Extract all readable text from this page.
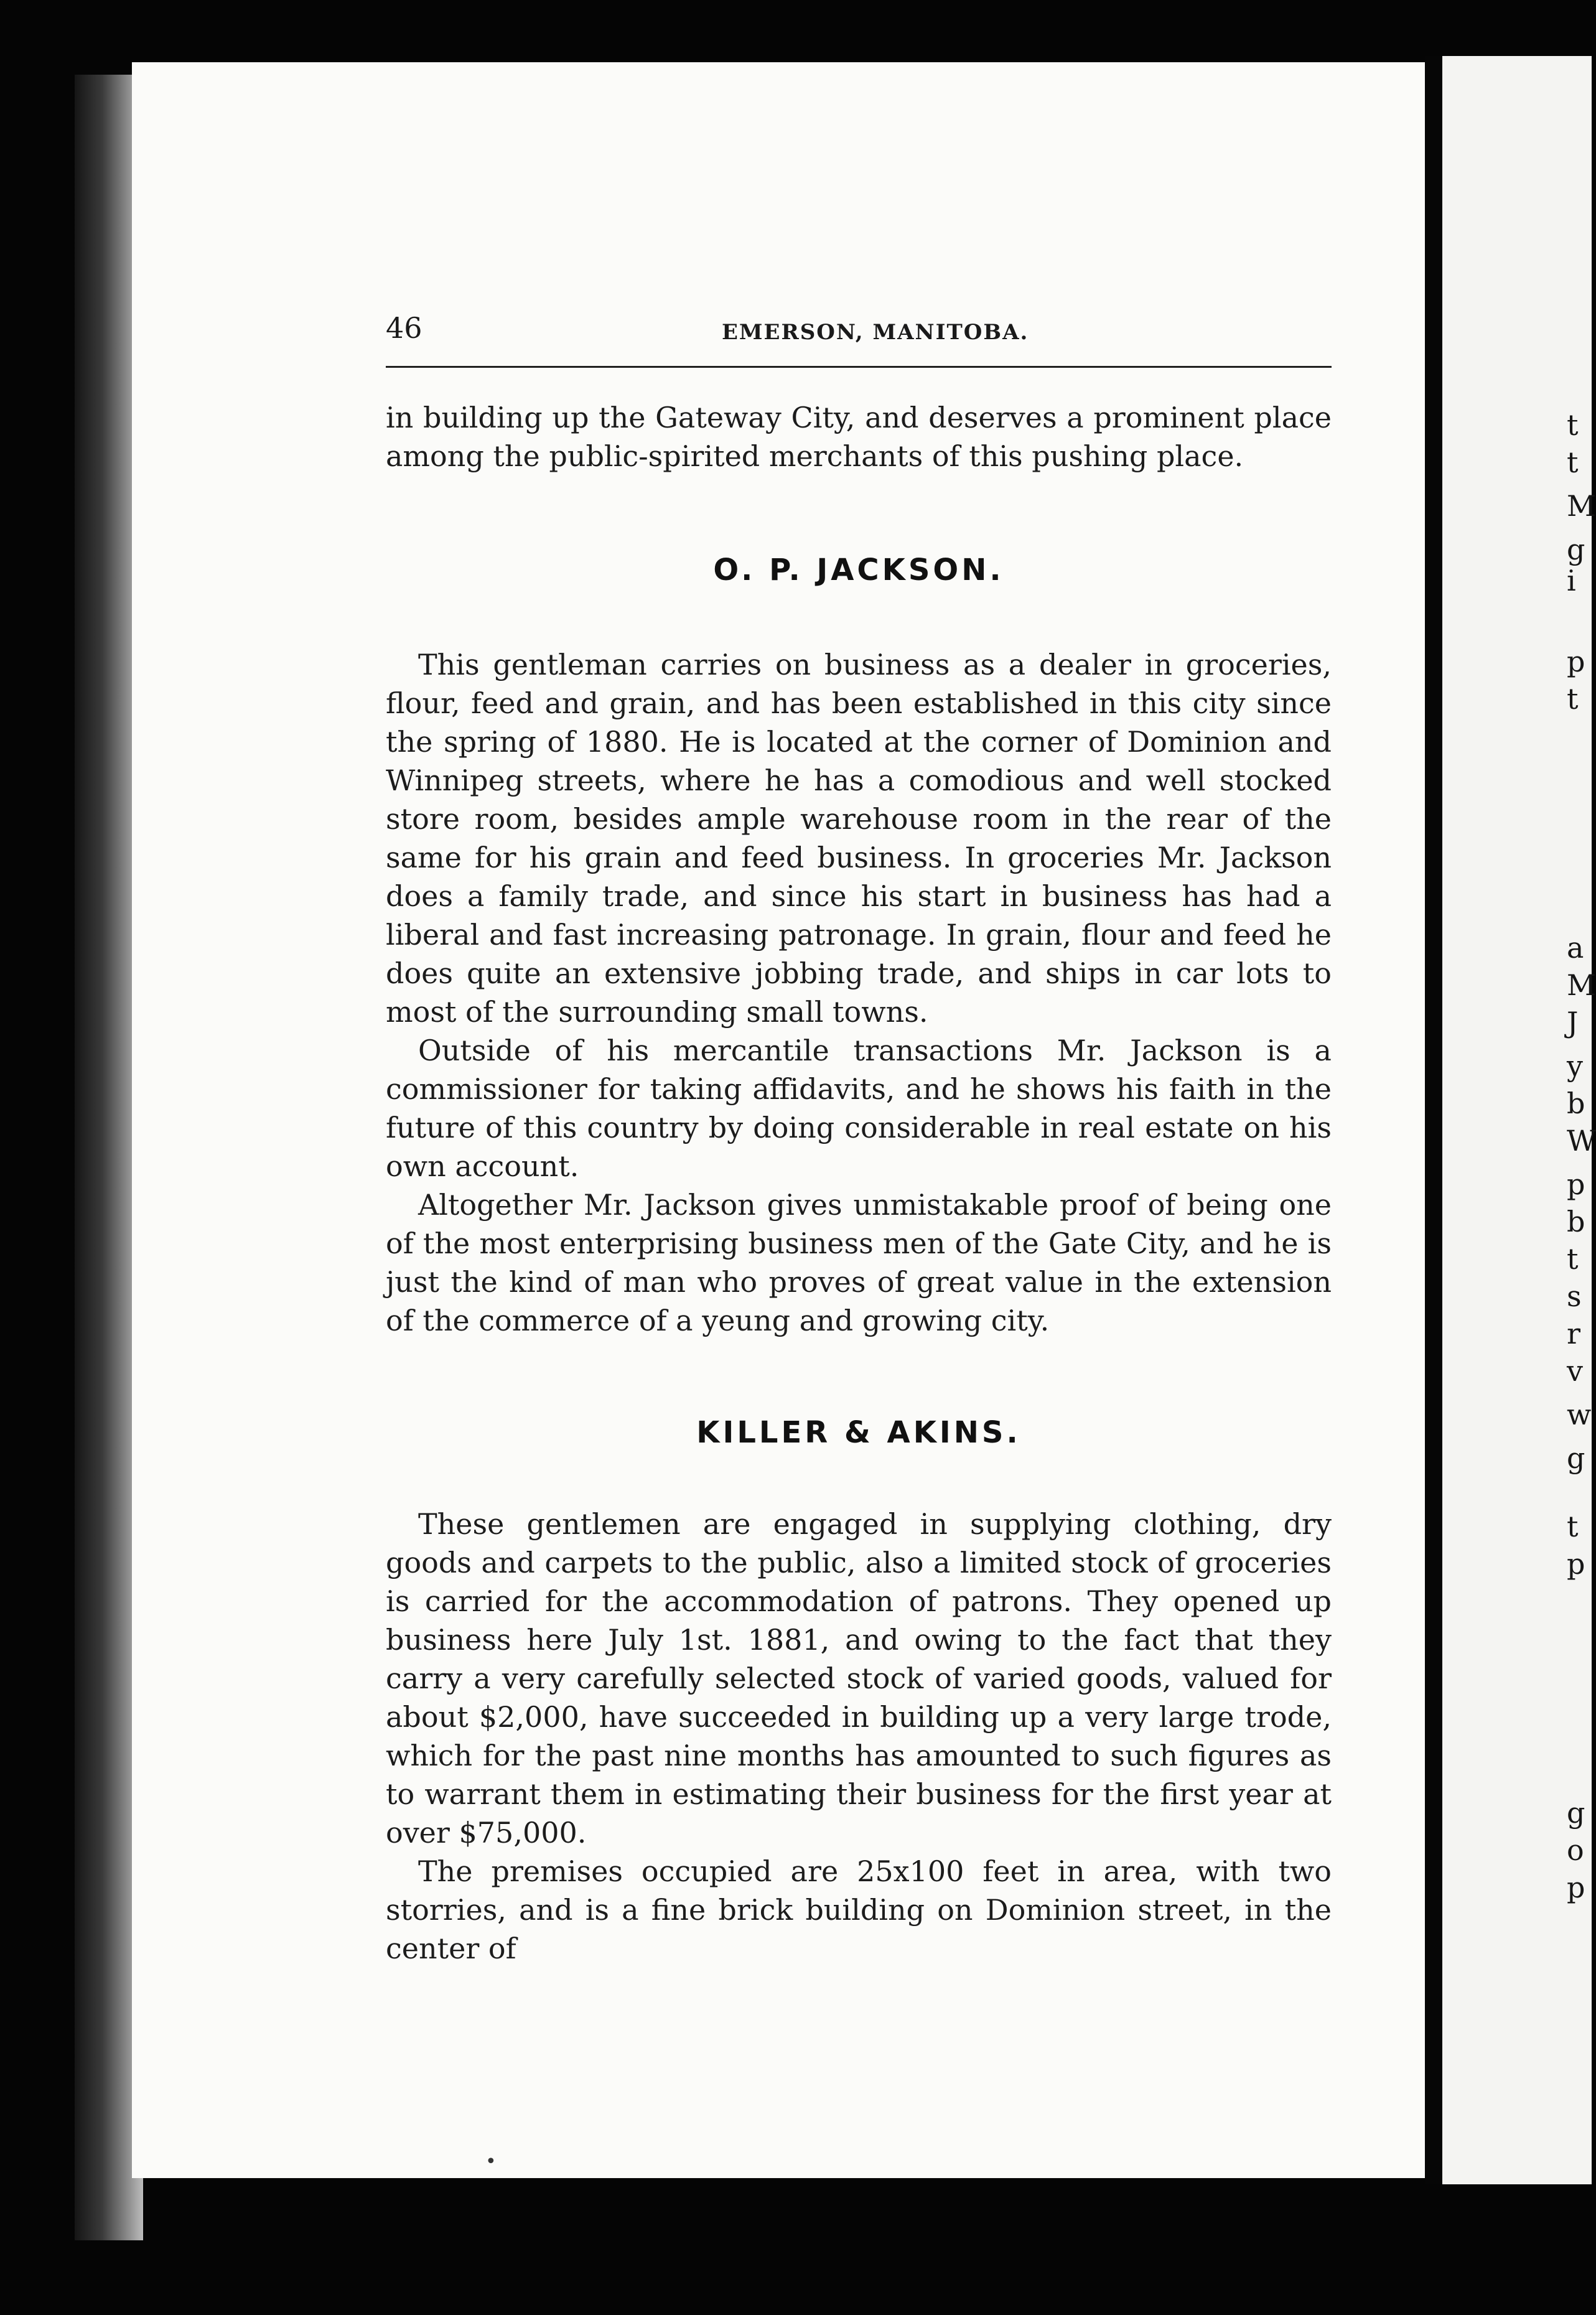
46	EMERSON, MANITOBA.

in building up the Gateway City, and deserves a prominent place among the public-spirited merchants of this pushing place.

O. P. JACKSON.

This gentleman carries on business as a dealer in groceries, flour, feed and grain, and has been established in this city since the spring of 1880. He is located at the corner of Dominion and Winnipeg streets, where he has a comodious and well stocked store room, besides ample warehouse room in the rear of the same for his grain and feed business. In groceries Mr. Jackson does a family trade, and since his start in business has had a liberal and fast increasing patronage. In grain, flour and feed he does quite an extensive jobbing trade, and ships in car lots to most of the surrounding small towns.

Outside of his mercantile transactions Mr. Jackson is a commissioner for taking affidavits, and he shows his faith in the future of this country by doing considerable in real estate on his own account.

Altogether Mr. Jackson gives unmistakable proof of being one of the most enterprising business men of the Gate City, and he is just the kind of man who proves of great value in the extension of the commerce of a yeung and growing city.

KILLER & AKINS.

These gentlemen are engaged in supplying clothing, dry goods and carpets to the public, also a limited stock of groceries is carried for the accommodation of patrons. They opened up business here July 1st. 1881, and owing to the fact that they carry a very carefully selected stock of varied goods, valued for about $2,000, have succeeded in building up a very large trode, which for the past nine months has amounted to such figures as to warrant them in estimating their business for the first year at over $75,000.

The premises occupied are 25x100 feet in area, with two storries, and is a fine brick building on Dominion street, in the center of

•
t
t
M
g
i
p
t
a
M
J
y
b
W
p
b
t
s
r
v
w
g
t
p
g
o
p
